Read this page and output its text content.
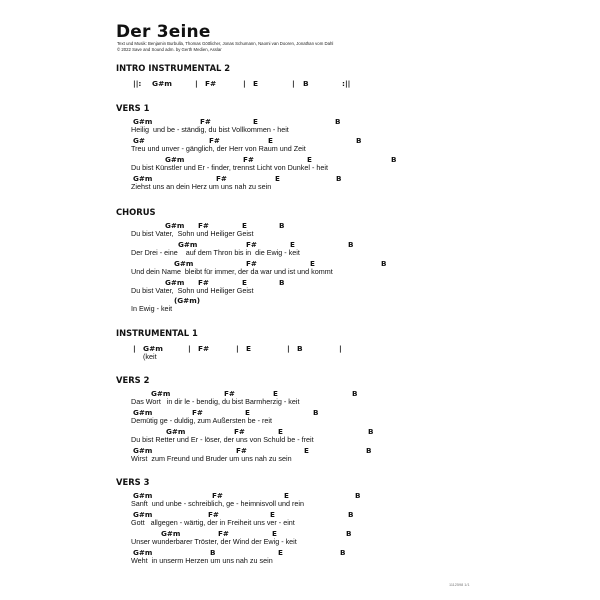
Der 3eine
Text und Musik: Benjamin Burbulla, Thomas Göttlicher, Jonas Schumann, Naomi van Dooren, Jonathan vom Dahl
© 2022 Save and Sound adm. by Gerth Medien, Asslar
INTRO INSTRUMENTAL 2
||: G#m	| F#	| E	| B	:||
VERS 1
G#m	F#	E	B
Heilig  und be - ständig, du bist Vollkommen - heit
G#	F#	E	B
Treu und unver - gänglich, der Herr von Raum und Zeit
G#m	F#	E	B
Du bist Künstler und Er - finder, trennst Licht von Dunkel - heit
G#m	F#	E	B
Ziehst uns an dein Herz um uns nah zu sein
CHORUS
G#m F#	E	B
Du bist Vater,  Sohn und Heiliger Geist
G#m	F#	E	B
Der Drei - eine    auf dem Thron bis in  die Ewig - keit
G#m	F#	E	B
Und dein Name  bleibt für immer, der da war und ist und kommt
G#m F#	E	B
Du bist Vater,  Sohn und Heiliger Geist
(G#m)
In Ewig - keit
INSTRUMENTAL 1
| G#m	| F#	| E	| B	|
(keit
VERS 2
G#m	F#	E	B
Das Wort   in dir le - bendig, du bist Barmherzig - keit
G#m	F#	E	B
Demütig ge - duldig, zum Außersten be - reit
G#m	F#	E	B
Du bist Retter und Er - löser, der uns von Schuld be - freit
G#m	F#	E	B
Wirst  zum Freund und Bruder um uns nah zu sein
VERS 3
G#m	F#	E	B
Sanft  und unbe - schreiblich, ge - heimnisvoll und rein
G#m	F#	E	B
Gott   allgegen - wärtig, der in Freiheit uns ver - eint
G#m	F#	E	B
Unser wunderbarer Tröster, der Wind der Ewig - keit
G#m	B	E	B
Weht  in unserm Herzen um uns nah zu sein
1112598 1/1
